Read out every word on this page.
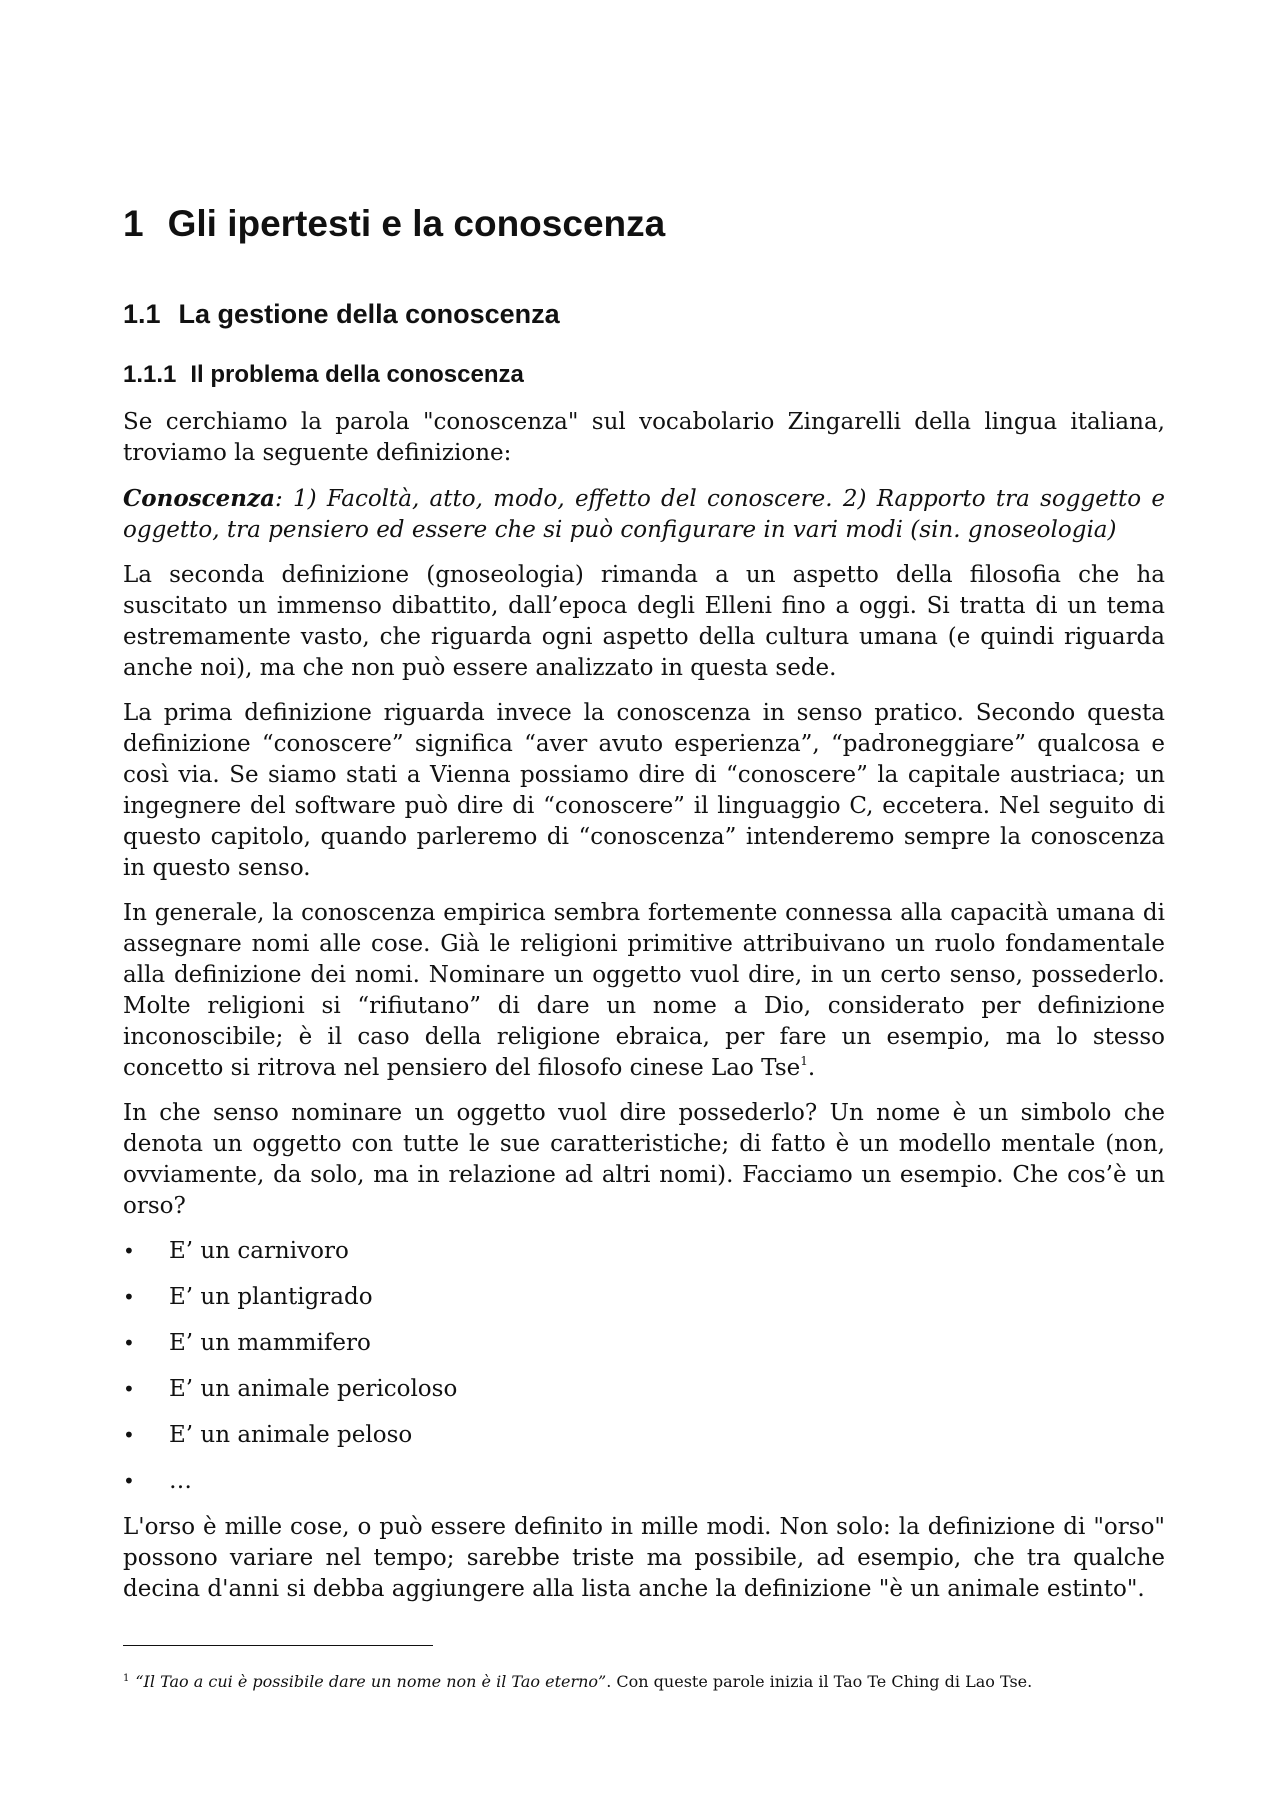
1 Gli ipertesti e la conoscenza
1.1 La gestione della conoscenza
1.1.1 Il problema della conoscenza

Se cerchiamo la parola "conoscenza" sul vocabolario Zingarelli della lingua italiana, troviamo la seguente definizione:

Conoscenza: 1) Facoltà, atto, modo, effetto del conoscere. 2) Rapporto tra soggetto e oggetto, tra pensiero ed essere che si può configurare in vari modi (sin. gnoseologia)

La seconda definizione (gnoseologia) rimanda a un aspetto della filosofia che ha suscitato un immenso dibattito, dall’epoca degli Elleni fino a oggi. Si tratta di un tema estremamente vasto, che riguarda ogni aspetto della cultura umana (e quindi riguarda anche noi), ma che non può essere analizzato in questa sede.

La prima definizione riguarda invece la conoscenza in senso pratico. Secondo questa definizione “conoscere” significa “aver avuto esperienza”, “padroneggiare” qualcosa e così via. Se siamo stati a Vienna possiamo dire di “conoscere” la capitale austriaca; un ingegnere del software può dire di “conoscere” il linguaggio C, eccetera. Nel seguito di questo capitolo, quando parleremo di “conoscenza” intenderemo sempre la conoscenza in questo senso.

In generale, la conoscenza empirica sembra fortemente connessa alla capacità umana di assegnare nomi alle cose. Già le religioni primitive attribuivano un ruolo fondamentale alla definizione dei nomi. Nominare un oggetto vuol dire, in un certo senso, possederlo. Molte religioni si “rifiutano” di dare un nome a Dio, considerato per definizione inconoscibile; è il caso della religione ebraica, per fare un esempio, ma lo stesso concetto si ritrova nel pensiero del filosofo cinese Lao Tse$^1$.

In che senso nominare un oggetto vuol dire possederlo? Un nome è un simbolo che denota un oggetto con tutte le sue caratteristiche; di fatto è un modello mentale (non, ovviamente, da solo, ma in relazione ad altri nomi). Facciamo un esempio. Che cos’è un orso?

•	E’ un carnivoro
•	E’ un plantigrado
•	E’ un mammifero
•	E’ un animale pericoloso
•	E’ un animale peloso
•	…

L'orso è mille cose, o può essere definito in mille modi. Non solo: la definizione di "orso" possono variare nel tempo; sarebbe triste ma possibile, ad esempio, che tra qualche decina d'anni si debba aggiungere alla lista anche la definizione "è un animale estinto".

$^1$ “Il Tao a cui è possibile dare un nome non è il Tao eterno”. Con queste parole inizia il Tao Te Ching di Lao Tse.
